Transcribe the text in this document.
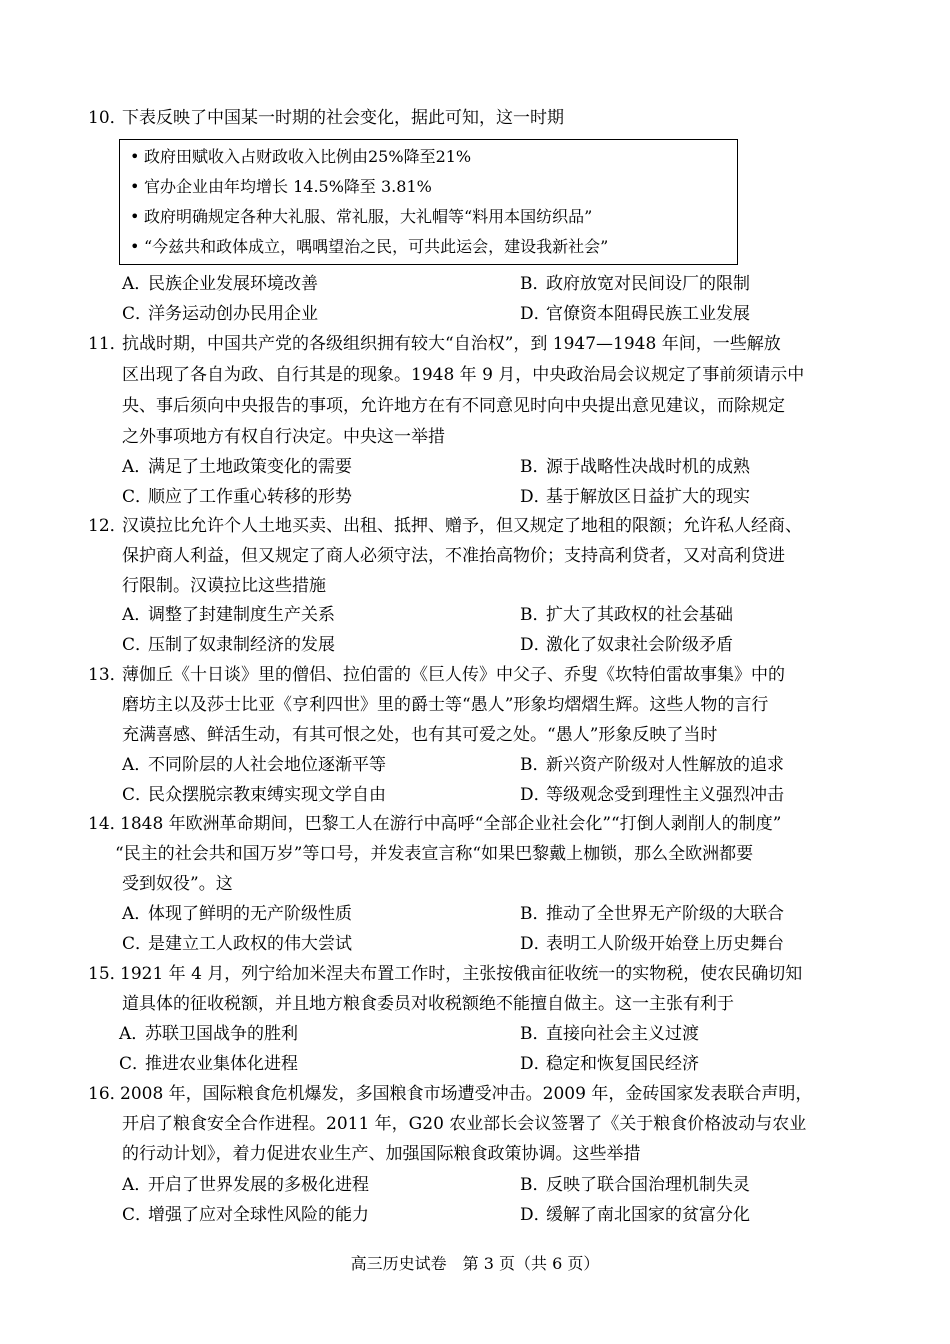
10．
下表反映了中国某一时期的社会变化，据此可知，这一时期
• 政府田赋收入占财政收入比例由25%降至21%
• 官办企业由年均增长 14.5%降至 3.81%
• 政府明确规定各种大礼服、常礼服，大礼帽等“料用本国纺织品”
• “今兹共和政体成立，喁喁望治之民，可共此运会，建设我新社会”
A．民族企业发展环境改善	B．政府放宽对民间设厂的限制
C．洋务运动创办民用企业	D．官僚资本阻碍民族工业发展
11．
抗战时期，中国共产党的各级组织拥有较大“自治权”，到 1947—1948 年间，一些解放
区出现了各自为政、自行其是的现象。1948 年 9 月，中央政治局会议规定了事前须请示中
央、事后须向中央报告的事项，允许地方在有不同意见时向中央提出意见建议，而除规定
之外事项地方有权自行决定。中央这一举措
A．满足了土地政策变化的需要	B．源于战略性决战时机的成熟
C．顺应了工作重心转移的形势	D．基于解放区日益扩大的现实
12．
汉谟拉比允许个人土地买卖、出租、抵押、赠予，但又规定了地租的限额；允许私人经商、
保护商人利益，但又规定了商人必须守法，不准抬高物价；支持高利贷者，又对高利贷进
行限制。汉谟拉比这些措施
A．调整了封建制度生产关系	B．扩大了其政权的社会基础
C．压制了奴隶制经济的发展	D．激化了奴隶社会阶级矛盾
13．
薄伽丘《十日谈》里的僧侣、拉伯雷的《巨人传》中父子、乔叟《坎特伯雷故事集》中的
磨坊主以及莎士比亚《亨利四世》里的爵士等“愚人”形象均熠熠生辉。这些人物的言行
充满喜感、鲜活生动，有其可恨之处，也有其可爱之处。“愚人”形象反映了当时
A．不同阶层的人社会地位逐渐平等	B．新兴资产阶级对人性解放的追求
C．民众摆脱宗教束缚实现文学自由	D．等级观念受到理性主义强烈冲击
14．
1848 年欧洲革命期间，巴黎工人在游行中高呼“全部企业社会化”“打倒人剥削人的制度”
“民主的社会共和国万岁”等口号，并发表宣言称“如果巴黎戴上枷锁，那么全欧洲都要
受到奴役”。这
A．体现了鲜明的无产阶级性质	B．推动了全世界无产阶级的大联合
C．是建立工人政权的伟大尝试	D．表明工人阶级开始登上历史舞台
15．
1921 年 4 月，列宁给加米涅夫布置工作时，主张按俄亩征收统一的实物税，使农民确切知
道具体的征收税额，并且地方粮食委员对收税额绝不能擅自做主。这一主张有利于
A．苏联卫国战争的胜利	B．直接向社会主义过渡
C．推进农业集体化进程	D．稳定和恢复国民经济
16．
2008 年，国际粮食危机爆发，多国粮食市场遭受冲击。2009 年，金砖国家发表联合声明，
开启了粮食安全合作进程。2011 年，G20 农业部长会议签署了《关于粮食价格波动与农业
的行动计划》，着力促进农业生产、加强国际粮食政策协调。这些举措
A．开启了世界发展的多极化进程	B．反映了联合国治理机制失灵
C．增强了应对全球性风险的能力	D．缓解了南北国家的贫富分化
高三历史试卷　第 3 页（共 6 页）
